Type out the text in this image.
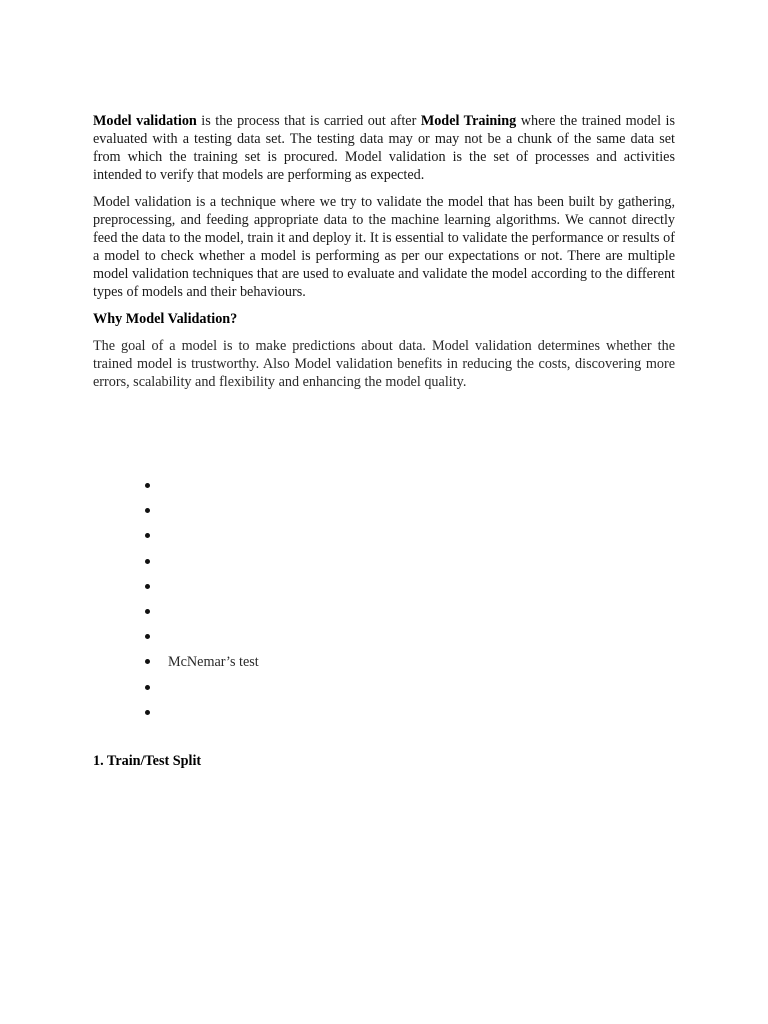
Model validation is the process that is carried out after Model Training where the trained model is evaluated with a testing data set. The testing data may or may not be a chunk of the same data set from which the training set is procured. Model validation is the set of processes and activities intended to verify that models are performing as expected.

Model validation is a technique where we try to validate the model that has been built by gathering, preprocessing, and feeding appropriate data to the machine learning algorithms. We cannot directly feed the data to the model, train it and deploy it. It is essential to validate the performance or results of a model to check whether a model is performing as per our expectations or not. There are multiple model validation techniques that are used to evaluate and validate the model according to the different types of models and their behaviours.

Why Model Validation?

The goal of a model is to make predictions about data. Model validation determines whether the trained model is trustworthy. Also Model validation benefits in reducing the costs, discovering more errors, scalability and flexibility and enhancing the model quality.

McNemar’s test

1. Train/Test Split
